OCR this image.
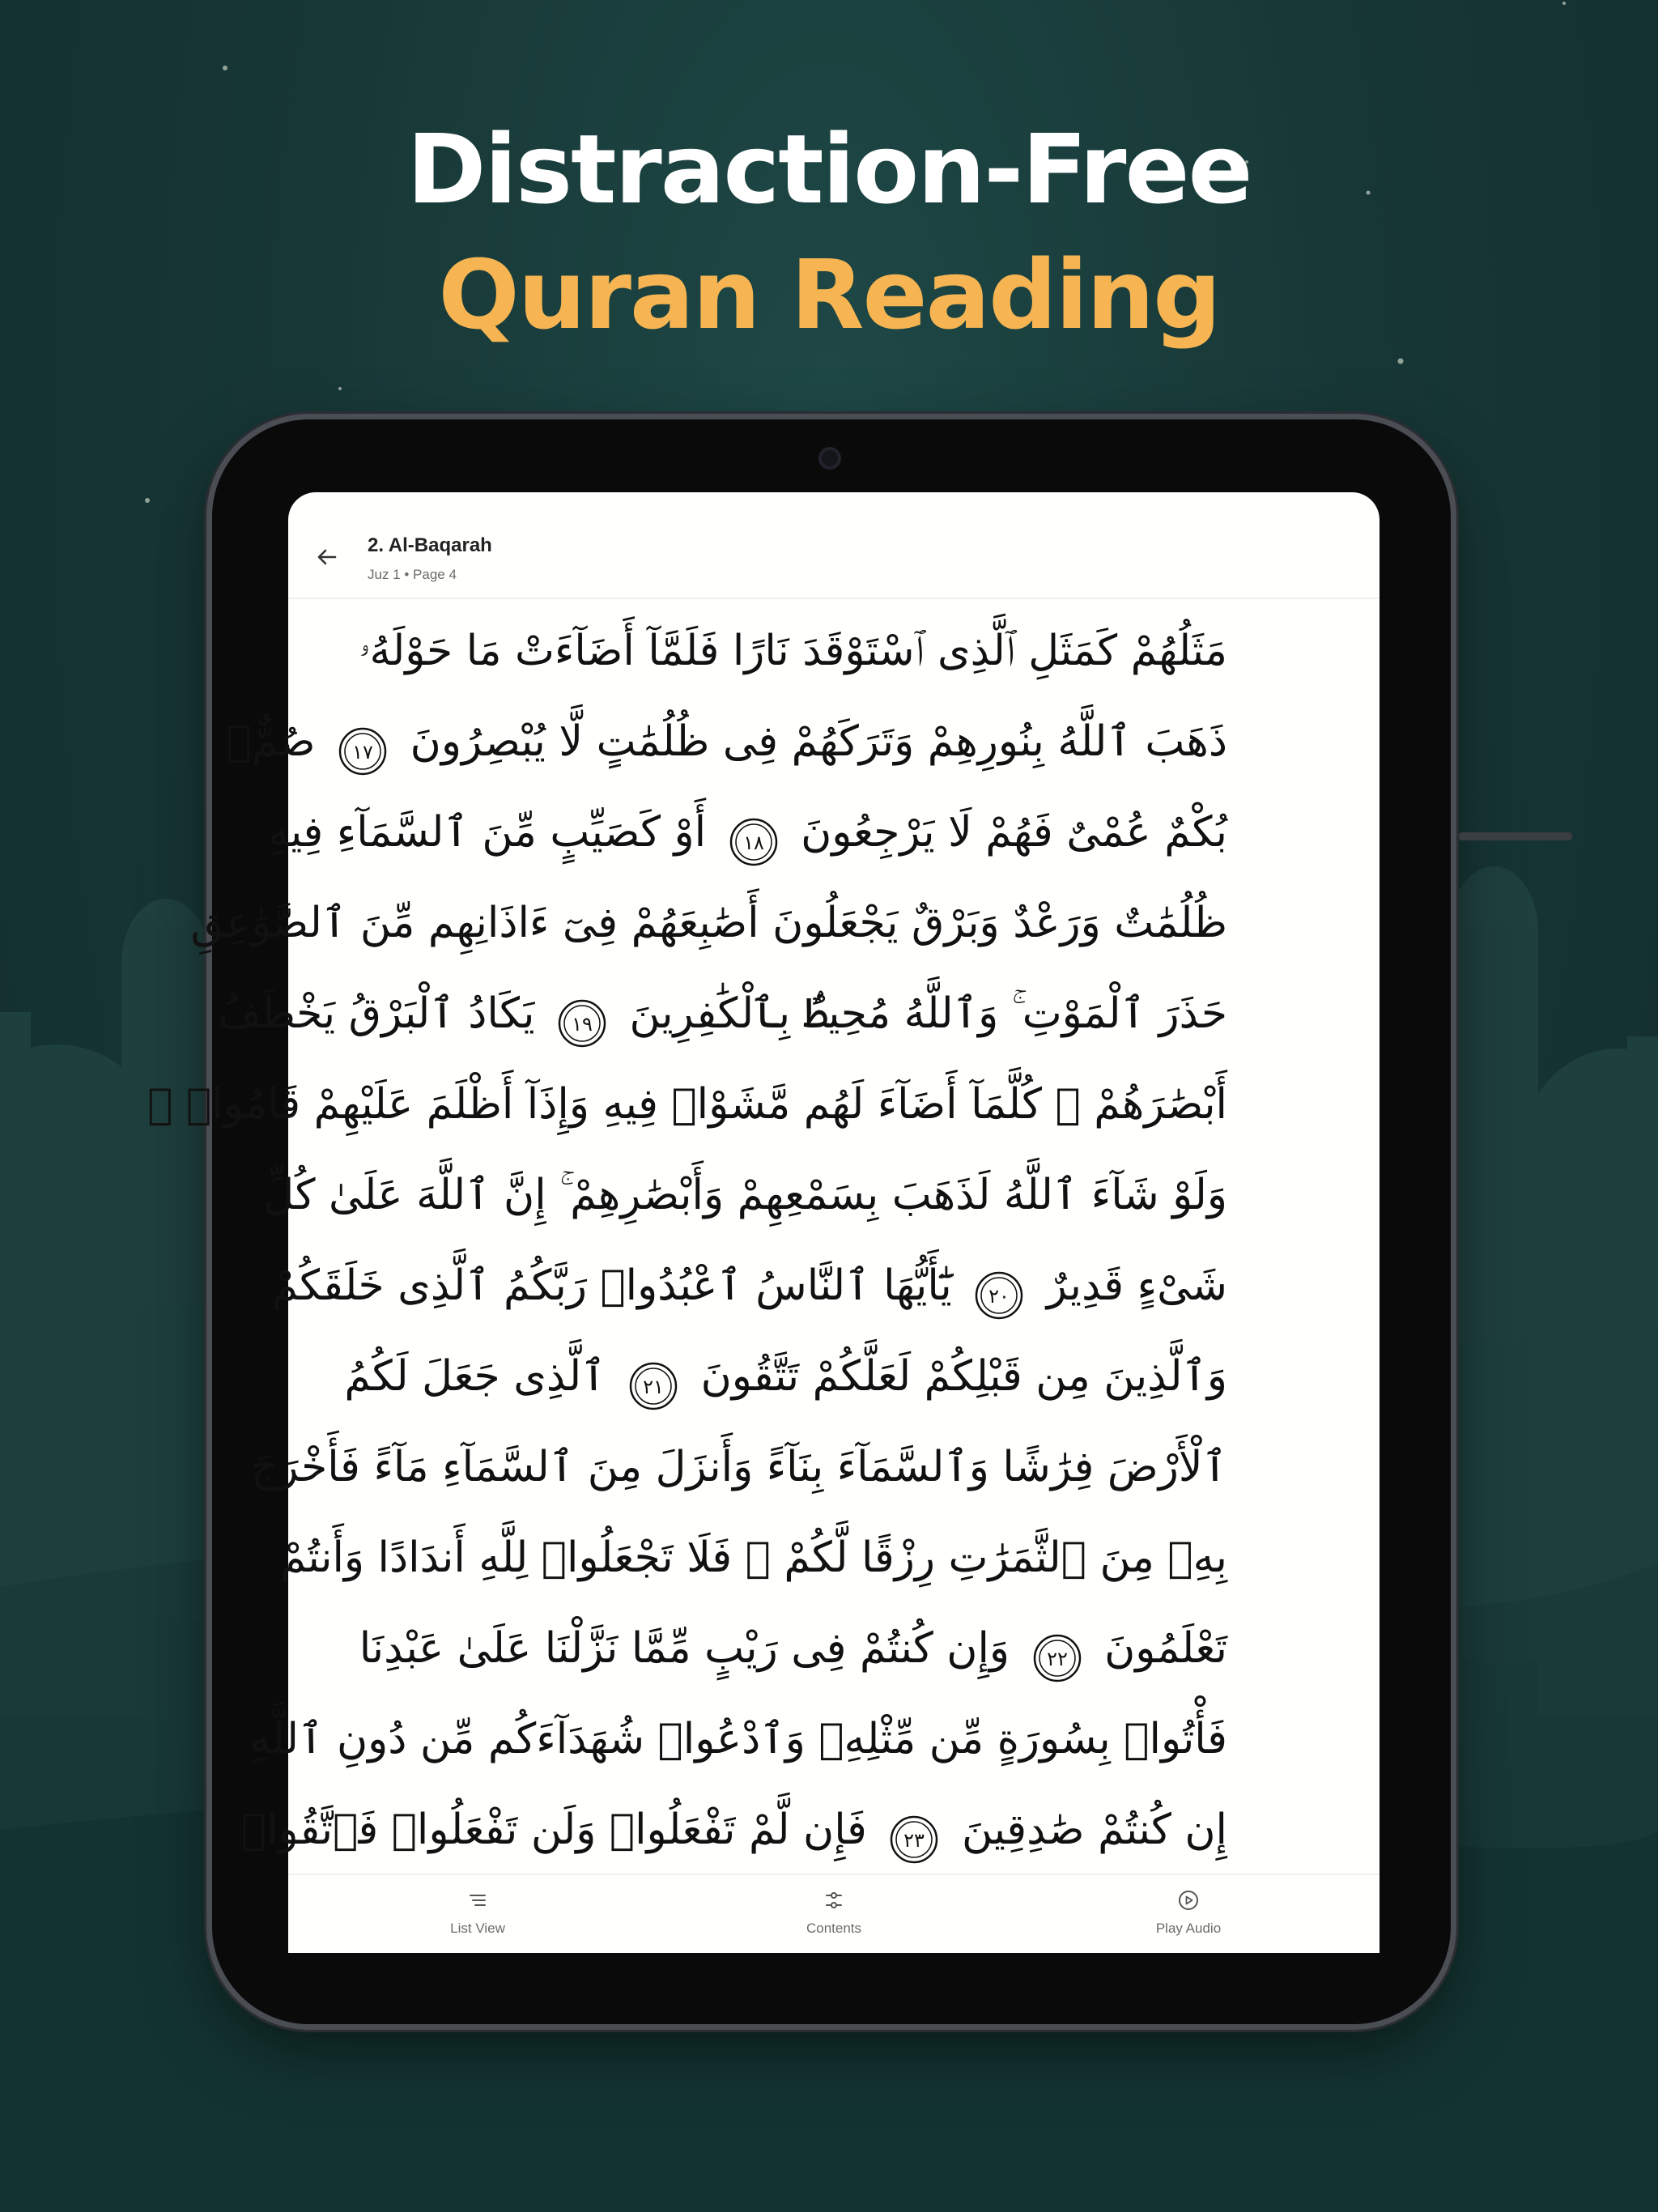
Distraction-Free
Quran Reading
2. Al-Baqarah
Juz 1 • Page 4
مَثَلُهُمْ كَمَثَلِ ٱلَّذِى ٱسْتَوْقَدَ نَارًا فَلَمَّآ أَضَآءَتْ مَا حَوْلَهُۥ
ذَهَبَ ٱللَّهُ بِنُورِهِمْ وَتَرَكَهُمْ فِى ظُلُمَٰتٍ لَّا يُبْصِرُونَ
١٧
صُمٌّۢ
بُكْمٌ عُمْىٌ فَهُمْ لَا يَرْجِعُونَ
١٨
أَوْ كَصَيِّبٍ مِّنَ ٱلسَّمَآءِ فِيهِ
ظُلُمَٰتٌ وَرَعْدٌ وَبَرْقٌ يَجْعَلُونَ أَصَٰبِعَهُمْ فِىٓ ءَاذَانِهِم مِّنَ ٱلصَّوَٰعِقِ
حَذَرَ ٱلْمَوْتِ ۚ وَٱللَّهُ مُحِيطٌۢ بِٱلْكَٰفِرِينَ
١٩
يَكَادُ ٱلْبَرْقُ يَخْطَفُ
أَبْصَٰرَهُمْ ۖ كُلَّمَآ أَضَآءَ لَهُم مَّشَوْا۟ فِيهِ وَإِذَآ أَظْلَمَ عَلَيْهِمْ قَامُوا۟ ۚ
وَلَوْ شَآءَ ٱللَّهُ لَذَهَبَ بِسَمْعِهِمْ وَأَبْصَٰرِهِمْ ۚ إِنَّ ٱللَّهَ عَلَىٰ كُلِّ
شَىْءٍ قَدِيرٌ
٢٠
يَٰٓأَيُّهَا ٱلنَّاسُ ٱعْبُدُوا۟ رَبَّكُمُ ٱلَّذِى خَلَقَكُمْ
وَٱلَّذِينَ مِن قَبْلِكُمْ لَعَلَّكُمْ تَتَّقُونَ
٢١
ٱلَّذِى جَعَلَ لَكُمُ
ٱلْأَرْضَ فِرَٰشًا وَٱلسَّمَآءَ بِنَآءً وَأَنزَلَ مِنَ ٱلسَّمَآءِ مَآءً فَأَخْرَجَ
بِهِۦ مِنَ ٱلثَّمَرَٰتِ رِزْقًا لَّكُمْ ۖ فَلَا تَجْعَلُوا۟ لِلَّهِ أَندَادًا وَأَنتُمْ
تَعْلَمُونَ
٢٢
وَإِن كُنتُمْ فِى رَيْبٍ مِّمَّا نَزَّلْنَا عَلَىٰ عَبْدِنَا
فَأْتُوا۟ بِسُورَةٍ مِّن مِّثْلِهِۦ وَٱدْعُوا۟ شُهَدَآءَكُم مِّن دُونِ ٱللَّهِ
إِن كُنتُمْ صَٰدِقِينَ
٢٣
فَإِن لَّمْ تَفْعَلُوا۟ وَلَن تَفْعَلُوا۟ فَٱتَّقُوا۟
List View	Contents	Play Audio
